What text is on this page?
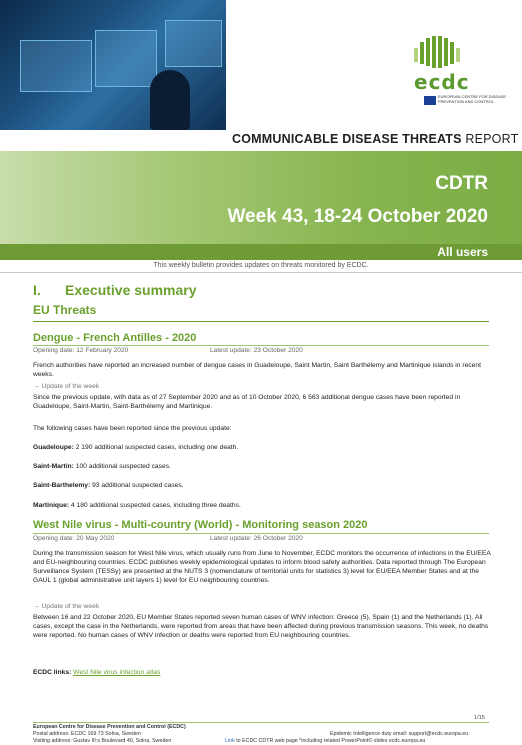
ecdc
EUROPEAN CENTRE FOR DISEASE PREVENTION AND CONTROL
COMMUNICABLE DISEASE THREATS REPORT
CDTR
Week 43, 18-24 October 2020
All users
This weekly bulletin provides updates on threats monitored by ECDC.
I. Executive summary
EU Threats
Dengue - French Antilles - 2020
Opening date: 12 February 2020	Latest update: 23 October 2020
French authorities have reported an increased number of dengue cases in Guadeloupe, Saint Martin, Saint Barthélemy and Martinique islands in recent weeks.
→ Update of the week
Since the previous update, with data as of 27 September 2020 and as of 10 October 2020, 6 563 additional dengue cases have been reported in Guadeloupe, Saint-Martin, Saint-Barthélemy and Martinique.
The following cases have been reported since the previous update:
Guadeloupe: 2 190 additional suspected cases, including one death.
Saint-Martin: 100 additional suspected cases.
Saint-Barthelemy: 93 additional suspected cases.
Martinique: 4 180 additional suspected cases, including three deaths.
West Nile virus - Multi-country (World) - Monitoring season 2020
Opening date: 20 May 2020	Latest update: 26 October 2020
During the transmission season for West Nile virus, which usually runs from June to November, ECDC monitors the occurrence of infections in the EU/EEA and EU-neighbouring countries. ECDC publishes weekly epidemiological updates to inform blood safety authorities. Data reported through The European Surveillance System (TESSy) are presented at the NUTS 3 (nomenclature of territorial units for statistics 3) level for EU/EEA Member States and at the GAUL 1 (global administrative unit layers 1) level for EU neighbouring countries.
→ Update of the week
Between 16 and 22 October 2020, EU Member States reported seven human cases of WNV infection: Greece (5), Spain (1) and the Netherlands (1). All cases, except the case in the Netherlands, were reported from areas that have been affected during previous transmission seasons. This week, no deaths were reported. No human cases of WNV infection or deaths were reported from EU neighbouring countries.
ECDC links: West Nile virus infection atlas
1/15
European Centre for Disease Prevention and Control (ECDC)
Postal address: ECDC 169 73 Solna, Sweden
Visiting address: Gustav III:s Boulevard 40, Solna, Sweden
Epidemic Intelligence duty email: support@ecdc.europa.eu
Link to ECDC CDTR web page °including related PowerPoint© slides ecdc.europa.eu
